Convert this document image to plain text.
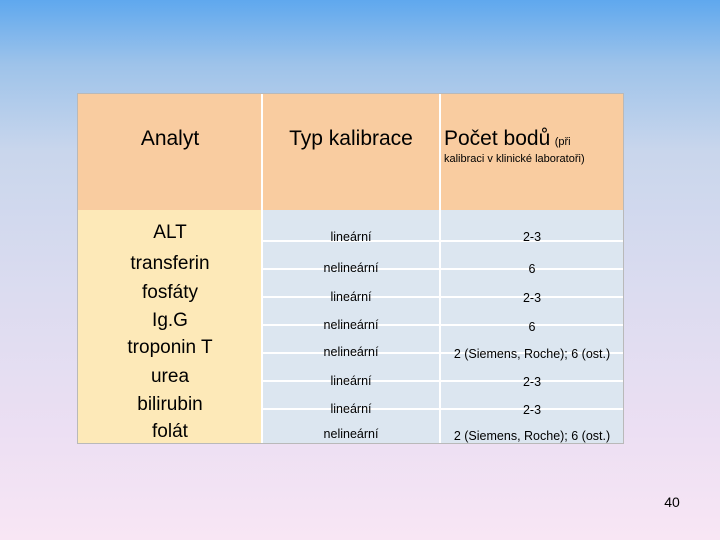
Analyt	Typ kalibrace	Počet bodů (při
kalibraci v klinické laboratoři)
ALT
transferin
fosfáty
Ig.G
troponin T
urea
bilirubin
folát
lineární
nelineární
lineární
nelineární
nelineární
lineární
lineární
nelineární
2-3
6
2-3
6
2 (Siemens, Roche); 6 (ost.)
2-3
2-3
2 (Siemens, Roche); 6 (ost.)
40
